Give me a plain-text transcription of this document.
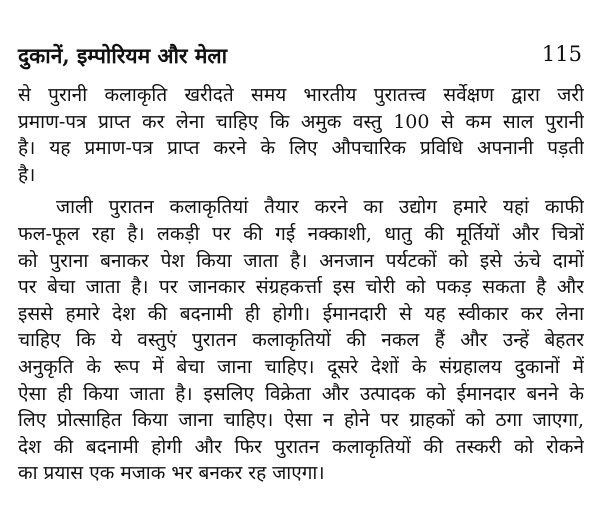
दुकानें, इम्पोरियम और मेला	115
से पुरानी कलाकृति खरीदते समय भारतीय पुरातत्त्व सर्वेक्षण द्वारा जरी
प्रमाण-पत्र प्राप्त कर लेना चाहिए कि अमुक वस्तु 100 से कम साल पुरानी
है। यह प्रमाण-पत्र प्राप्त करने के लिए औपचारिक प्रविधि अपनानी पड़ती
है।
जाली पुरातन कलाकृतियां तैयार करने का उद्योग हमारे यहां काफी
फल-फूल रहा है। लकड़ी पर की गई नक्काशी, धातु की मूर्तियों और चित्रों
को पुराना बनाकर पेश किया जाता है। अनजान पर्यटकों को इसे ऊंचे दामों
पर बेचा जाता है। पर जानकार संग्रहकर्त्ता इस चोरी को पकड़ सकता है और
इससे हमारे देश की बदनामी ही होगी। ईमानदारी से यह स्वीकार कर लेना
चाहिए कि ये वस्तुएं पुरातन कलाकृतियों की नकल हैं और उन्हें बेहतर
अनुकृति के रूप में बेचा जाना चाहिए। दूसरे देशों के संग्रहालय दुकानों में
ऐसा ही किया जाता है। इसलिए विक्रेता और उत्पादक को ईमानदार बनने के
लिए प्रोत्साहित किया जाना चाहिए। ऐसा न होने पर ग्राहकों को ठगा जाएगा,
देश की बदनामी होगी और फिर पुरातन कलाकृतियों की तस्करी को रोकने
का प्रयास एक मजाक भर बनकर रह जाएगा।
